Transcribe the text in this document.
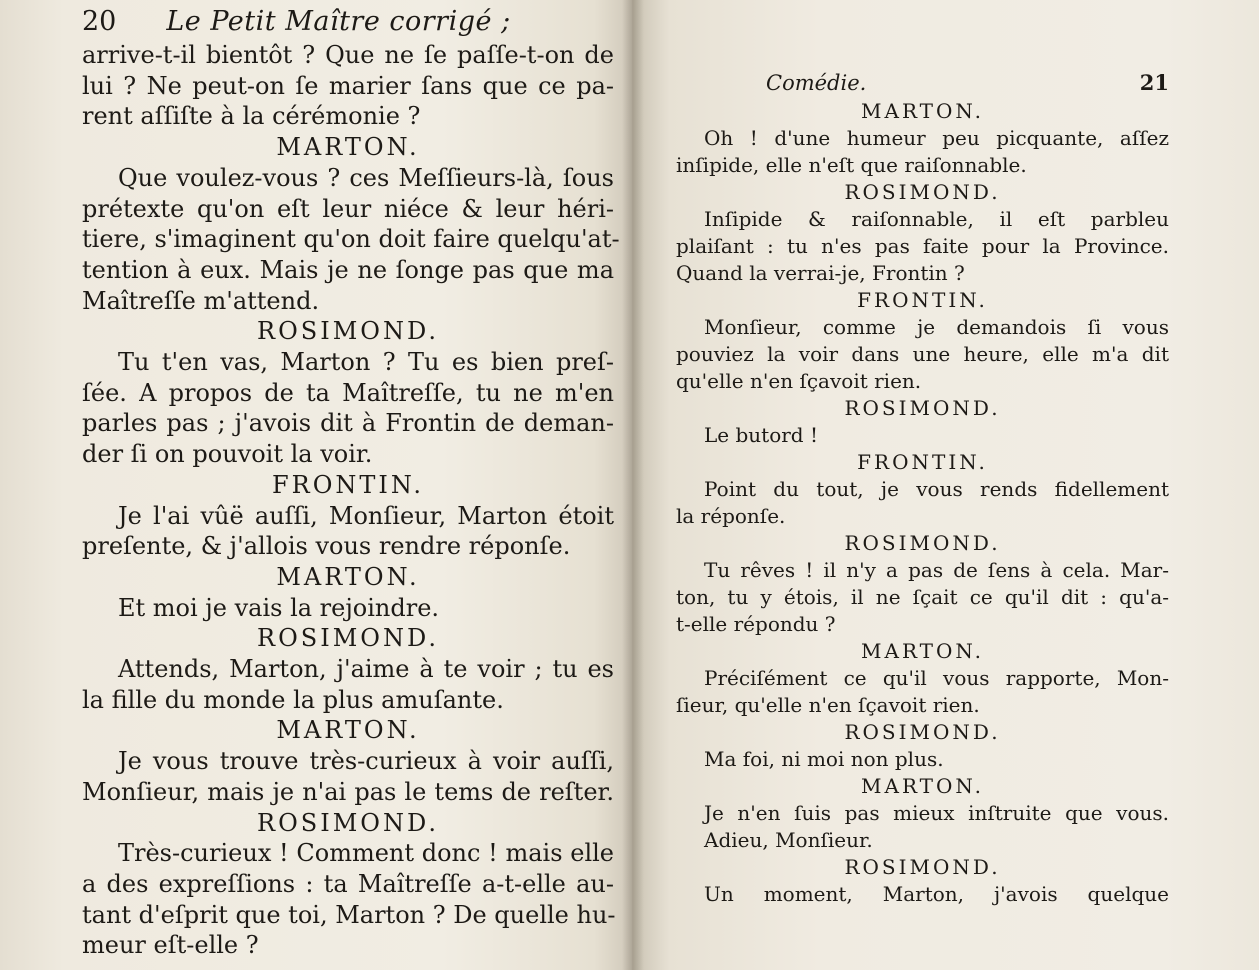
20 Le Petit Maître corrigé ;
arrive-t-il bientôt ? Que ne ſe paſſe-t-on de
lui ? Ne peut-on ſe marier ſans que ce pa-
rent aſſiſte à la cérémonie ?
MARTON.
Que voulez-vous ? ces Meſſieurs-là, ſous
prétexte qu'on eſt leur niéce & leur héri-
tiere, s'imaginent qu'on doit faire quelqu'at-
tention à eux. Mais je ne ſonge pas que ma
Maîtreſſe m'attend.
ROSIMOND.
Tu t'en vas, Marton ? Tu es bien preſ-
ſée. A propos de ta Maîtreſſe, tu ne m'en
parles pas ; j'avois dit à Frontin de deman-
der ſi on pouvoit la voir.
FRONTIN.
Je l'ai vûë auſſi, Monſieur, Marton étoit
preſente, & j'allois vous rendre réponſe.
MARTON.
Et moi je vais la rejoindre.
ROSIMOND.
Attends, Marton, j'aime à te voir ; tu es
la fille du monde la plus amuſante.
MARTON.
Je vous trouve très-curieux à voir auſſi,
Monſieur, mais je n'ai pas le tems de reſter.
ROSIMOND.
Très-curieux ! Comment donc ! mais elle
a des expreſſions : ta Maîtreſſe a-t-elle au-
tant d'eſprit que toi, Marton ? De quelle hu-
meur eſt-elle ?
Comédie.	21
MARTON.
Oh ! d'une humeur peu picquante, aſſez
inſipide, elle n'eſt que raiſonnable.
ROSIMOND.
Inſipide & raiſonnable, il eſt parbleu
plaiſant : tu n'es pas faite pour la Province.
Quand la verrai-je, Frontin ?
FRONTIN.
Monſieur, comme je demandois ſi vous
pouviez la voir dans une heure, elle m'a dit
qu'elle n'en ſçavoit rien.
ROSIMOND.
Le butord !
FRONTIN.
Point du tout, je vous rends fidellement
la réponſe.
ROSIMOND.
Tu rêves ! il n'y a pas de ſens à cela. Mar-
ton, tu y étois, il ne ſçait ce qu'il dit : qu'a-
t-elle répondu ?
MARTON.
Préciſément ce qu'il vous rapporte, Mon-
ſieur, qu'elle n'en ſçavoit rien.
ROSIMOND.
Ma foi, ni moi non plus.
MARTON.
Je n'en ſuis pas mieux inſtruite que vous.
Adieu, Monſieur.
ROSIMOND.
Un moment, Marton, j'avois quelque
